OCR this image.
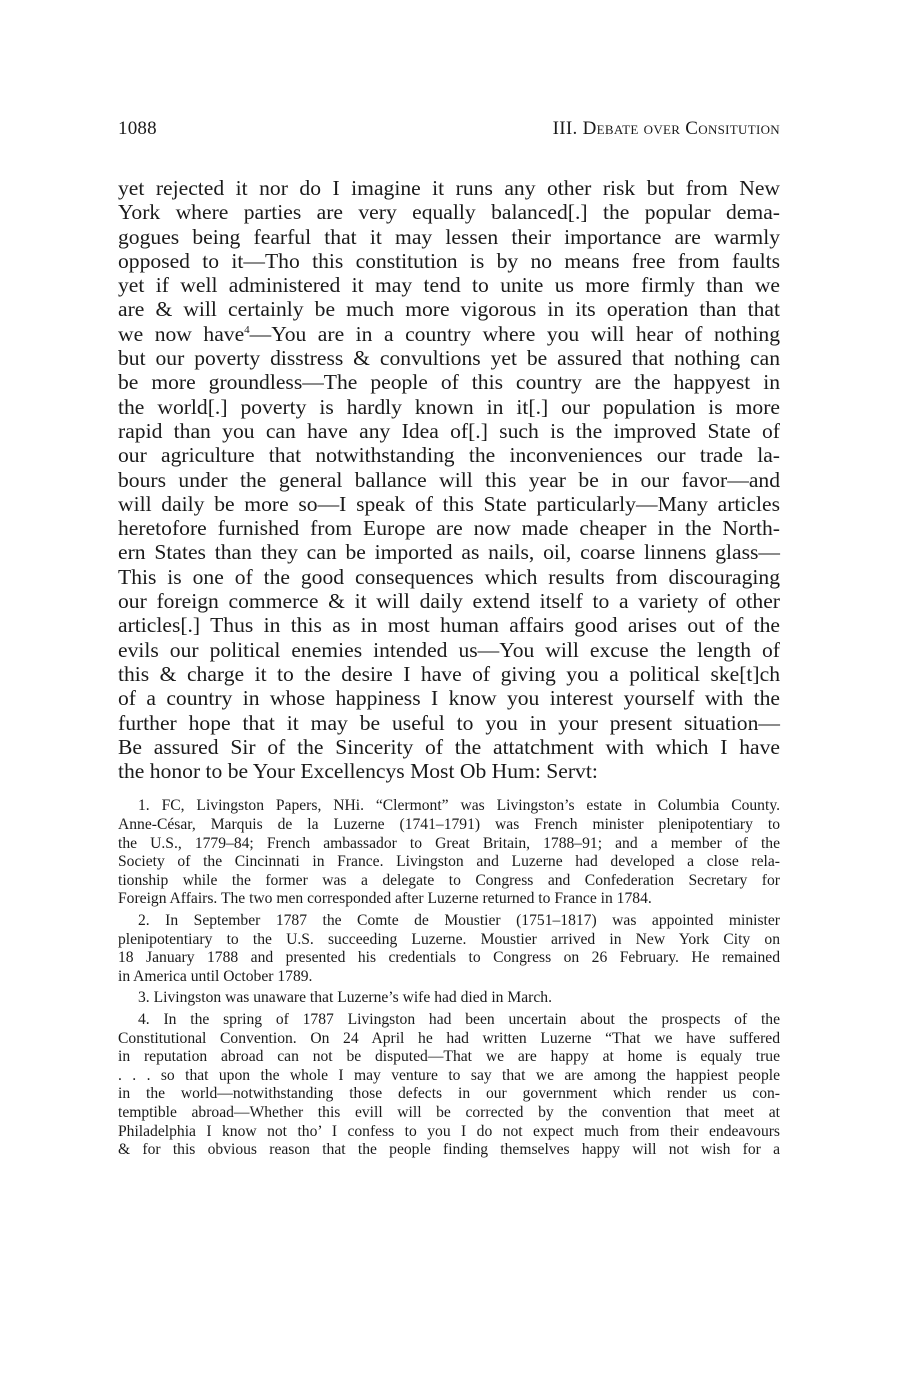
1088	III. Debate over Consitution
yet rejected it nor do I imagine it runs any other risk but from New
York where parties are very equally balanced[.] the popular dema-
gogues being fearful that it may lessen their importance are warmly
opposed to it—Tho this constitution is by no means free from faults
yet if well administered it may tend to unite us more firmly than we
are & will certainly be much more vigorous in its operation than that
we now have$^4$—You are in a country where you will hear of nothing
but our poverty disstress & convultions yet be assured that nothing can
be more groundless—The people of this country are the happyest in
the world[.] poverty is hardly known in it[.] our population is more
rapid than you can have any Idea of[.] such is the improved State of
our agriculture that notwithstanding the inconveniences our trade la-
bours under the general ballance will this year be in our favor—and
will daily be more so—I speak of this State particularly—Many articles
heretofore furnished from Europe are now made cheaper in the North-
ern States than they can be imported as nails, oil, coarse linnens glass—
This is one of the good consequences which results from discouraging
our foreign commerce & it will daily extend itself to a variety of other
articles[.] Thus in this as in most human affairs good arises out of the
evils our political enemies intended us—You will excuse the length of
this & charge it to the desire I have of giving you a political ske[t]ch
of a country in whose happiness I know you interest yourself with the
further hope that it may be useful to you in your present situation—
Be assured Sir of the Sincerity of the attatchment with which I have
the honor to be Your Excellencys Most Ob Hum: Servt:
1. FC, Livingston Papers, NHi. “Clermont” was Livingston’s estate in Columbia County.
Anne-César, Marquis de la Luzerne (1741–1791) was French minister plenipotentiary to
the U.S., 1779–84; French ambassador to Great Britain, 1788–91; and a member of the
Society of the Cincinnati in France. Livingston and Luzerne had developed a close rela-
tionship while the former was a delegate to Congress and Confederation Secretary for
Foreign Affairs. The two men corresponded after Luzerne returned to France in 1784.
2. In September 1787 the Comte de Moustier (1751–1817) was appointed minister
plenipotentiary to the U.S. succeeding Luzerne. Moustier arrived in New York City on
18 January 1788 and presented his credentials to Congress on 26 February. He remained
in America until October 1789.
3. Livingston was unaware that Luzerne’s wife had died in March.
4. In the spring of 1787 Livingston had been uncertain about the prospects of the
Constitutional Convention. On 24 April he had written Luzerne “That we have suffered
in reputation abroad can not be disputed—That we are happy at home is equaly true
. . . so that upon the whole I may venture to say that we are among the happiest people
in the world—notwithstanding those defects in our government which render us con-
temptible abroad—Whether this evill will be corrected by the convention that meet at
Philadelphia I know not tho’ I confess to you I do not expect much from their endeavours
& for this obvious reason that the people finding themselves happy will not wish for a
